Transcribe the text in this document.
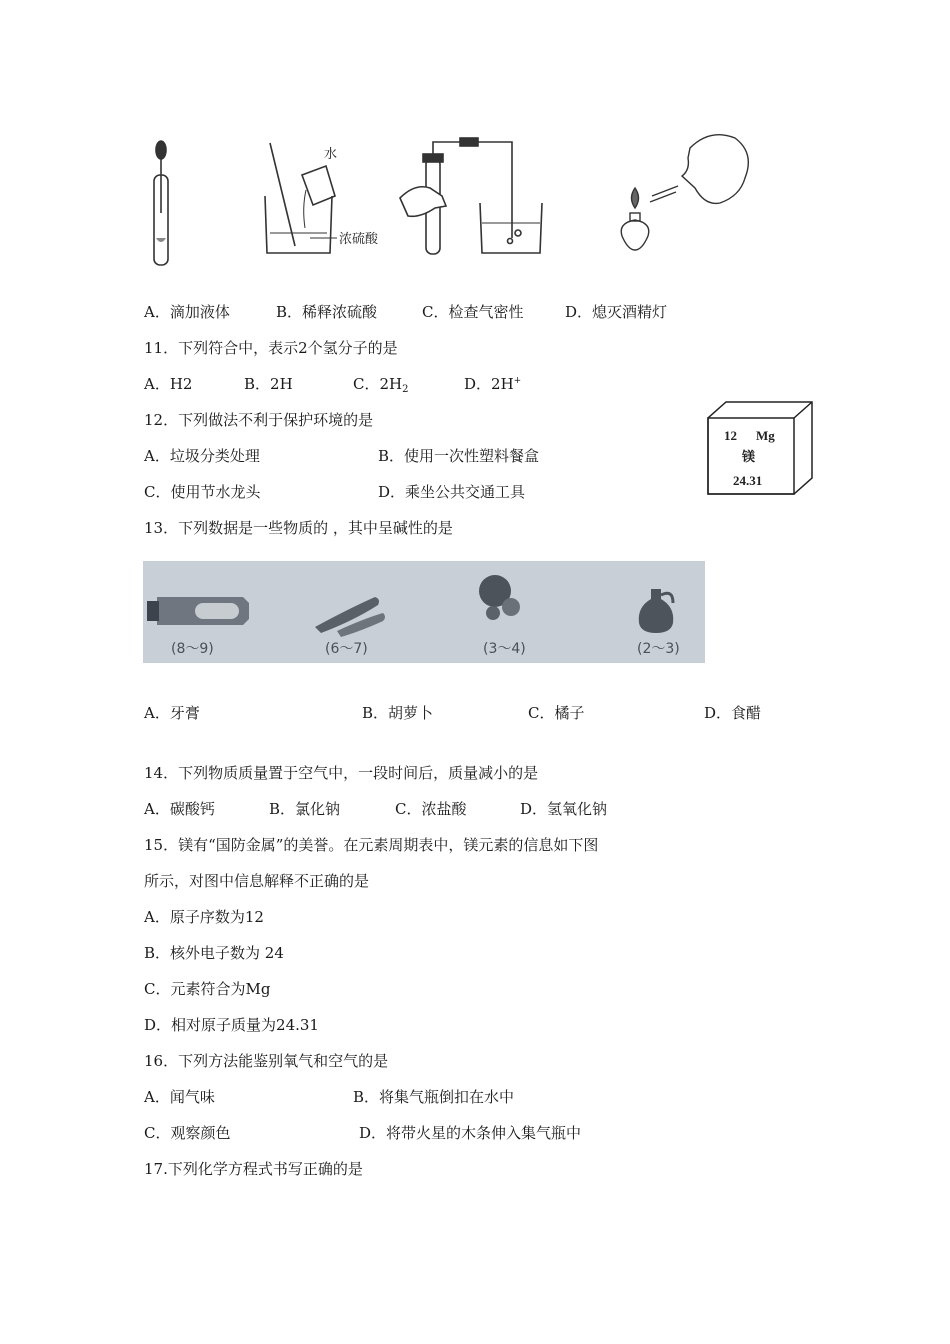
水
浓硫酸
A．滴加液体	B．稀释浓硫酸	C．检查气密性	D．熄灭酒精灯
11．下列符合中，表示2个氢分子的是
A．H2	B．2H	C．$2H_2$	D．2H+
12．下列做法不利于保护环境的是
A．垃圾分类处理	B．使用一次性塑料餐盒
C．使用节水龙头	D．乘坐公共交通工具
12 Mg
镁
24.31
13．下列数据是一些物质的 ，其中呈碱性的是
(8～9)	(6～7)	(3～4)	(2～3)
A．牙膏	B．胡萝卜	C．橘子	D．食醋
14．下列物质质量置于空气中，一段时间后，质量减小的是
A．碳酸钙	B．氯化钠	C．浓盐酸	D．氢氧化钠
15．镁有“国防金属”的美誉。在元素周期表中，镁元素的信息如下图
所示，对图中信息解释不正确的是
A．原子序数为12
B．核外电子数为 24
C．元素符合为Mg
D．相对原子质量为24.31
16．下列方法能鉴别氧气和空气的是
A．闻气味	B．将集气瓶倒扣在水中
C．观察颜色	D．将带火星的木条伸入集气瓶中
17.下列化学方程式书写正确的是
